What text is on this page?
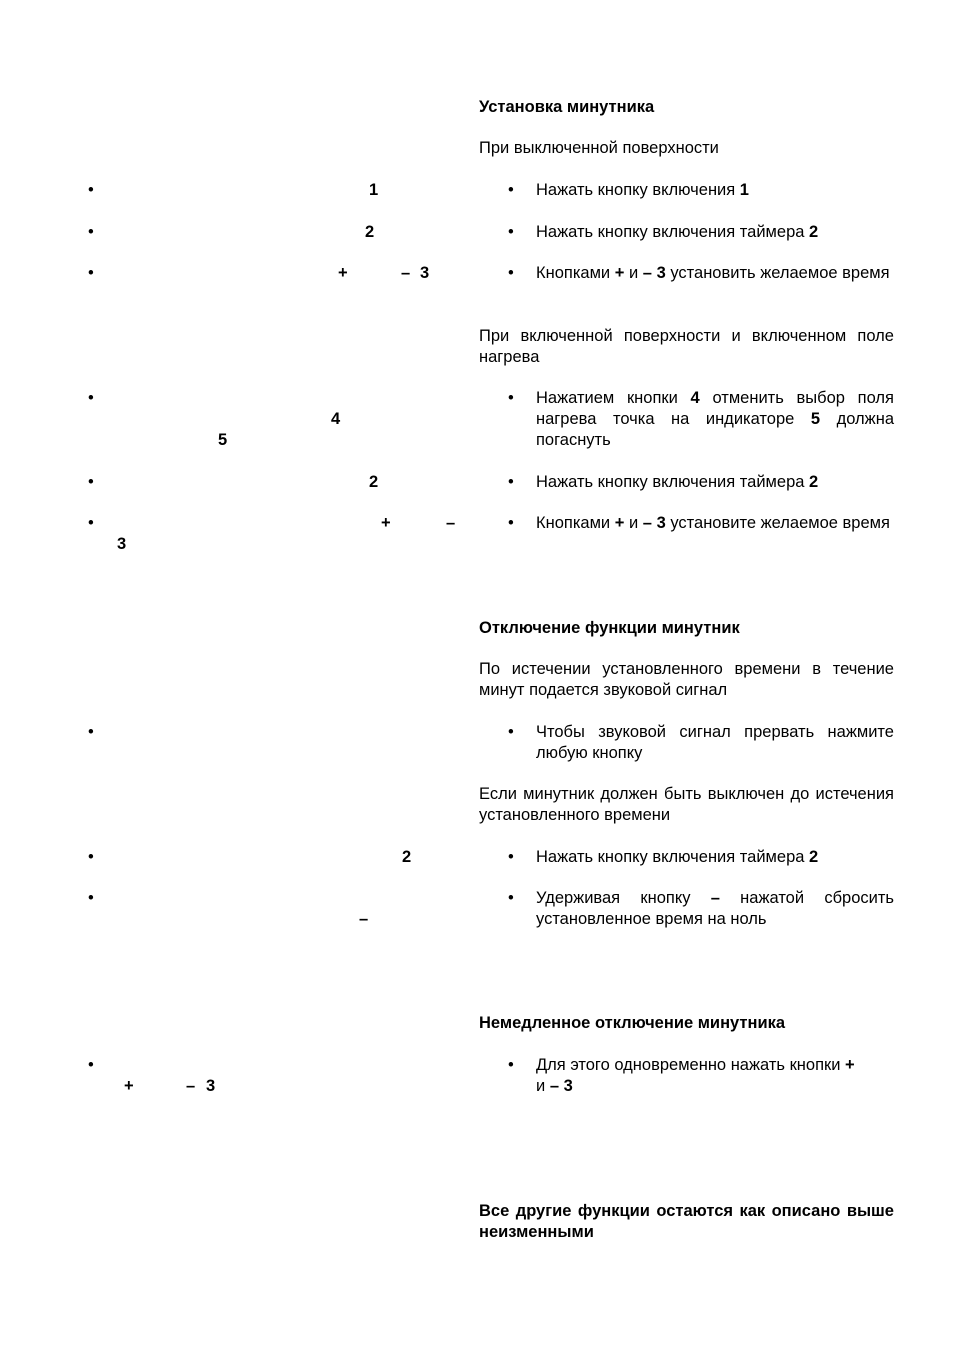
•	1
•	2
•	+	– 3
•
4
5
•	2
•	+	–
3
•
•	2
•
–
•
+	– 3
Установка минутника
При выключенной поверхности
• Нажать кнопку включения 1
• Нажать кнопку включения таймера 2
• Кнопками + и – 3 установить желаемое время
При включенной поверхности и включенном поле нагрева
• Нажатием кнопки 4 отменить выбор поля нагрева точка на индикаторе 5 должна погаснуть
• Нажать кнопку включения таймера 2
• Кнопками + и – 3 установите желаемое время
Отключение функции минутник
По истечении установленного времени в течение   минут подается звуковой сигнал
• Чтобы звуковой сигнал прервать нажмите любую кнопку
Если минутник должен быть выключен до истечения установленного времени
• Нажать кнопку включения таймера 2
• Удерживая кнопку – нажатой сбросить установленное время на ноль
Немедленное отключение минутника
• Для этого одновременно нажать кнопки +
и – 3
Все другие функции остаются как описано выше неизменными
